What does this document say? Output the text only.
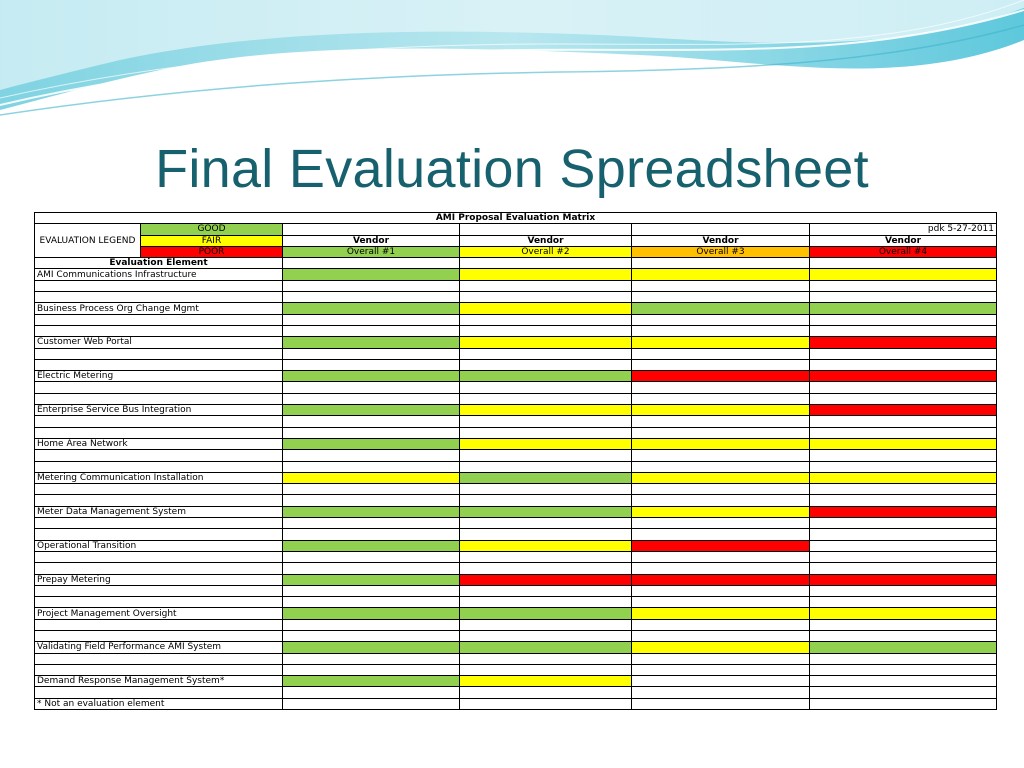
Final Evaluation Spreadsheet
AMI Proposal Evaluation Matrix					
EVALUATION LEGEND	GOOD				pdk 5-27-2011
	FAIR	Vendor	Vendor	Vendor	Vendor
	POOR	Overall #1	Overall #2	Overall #3	Overall #4
Evaluation Element					
AMI Communications Infrastructure					

Business Process Org Change Mgmt					

Customer Web Portal					

Electric Metering					

Enterprise Service Bus Integration					

Home Area Network					

Metering Communication Installation					

Meter Data Management System					

Operational Transition					

Prepay Metering					

Project Management Oversight					

Validating Field Performance AMI System					

Demand Response Management System*					

* Not an evaluation element					
